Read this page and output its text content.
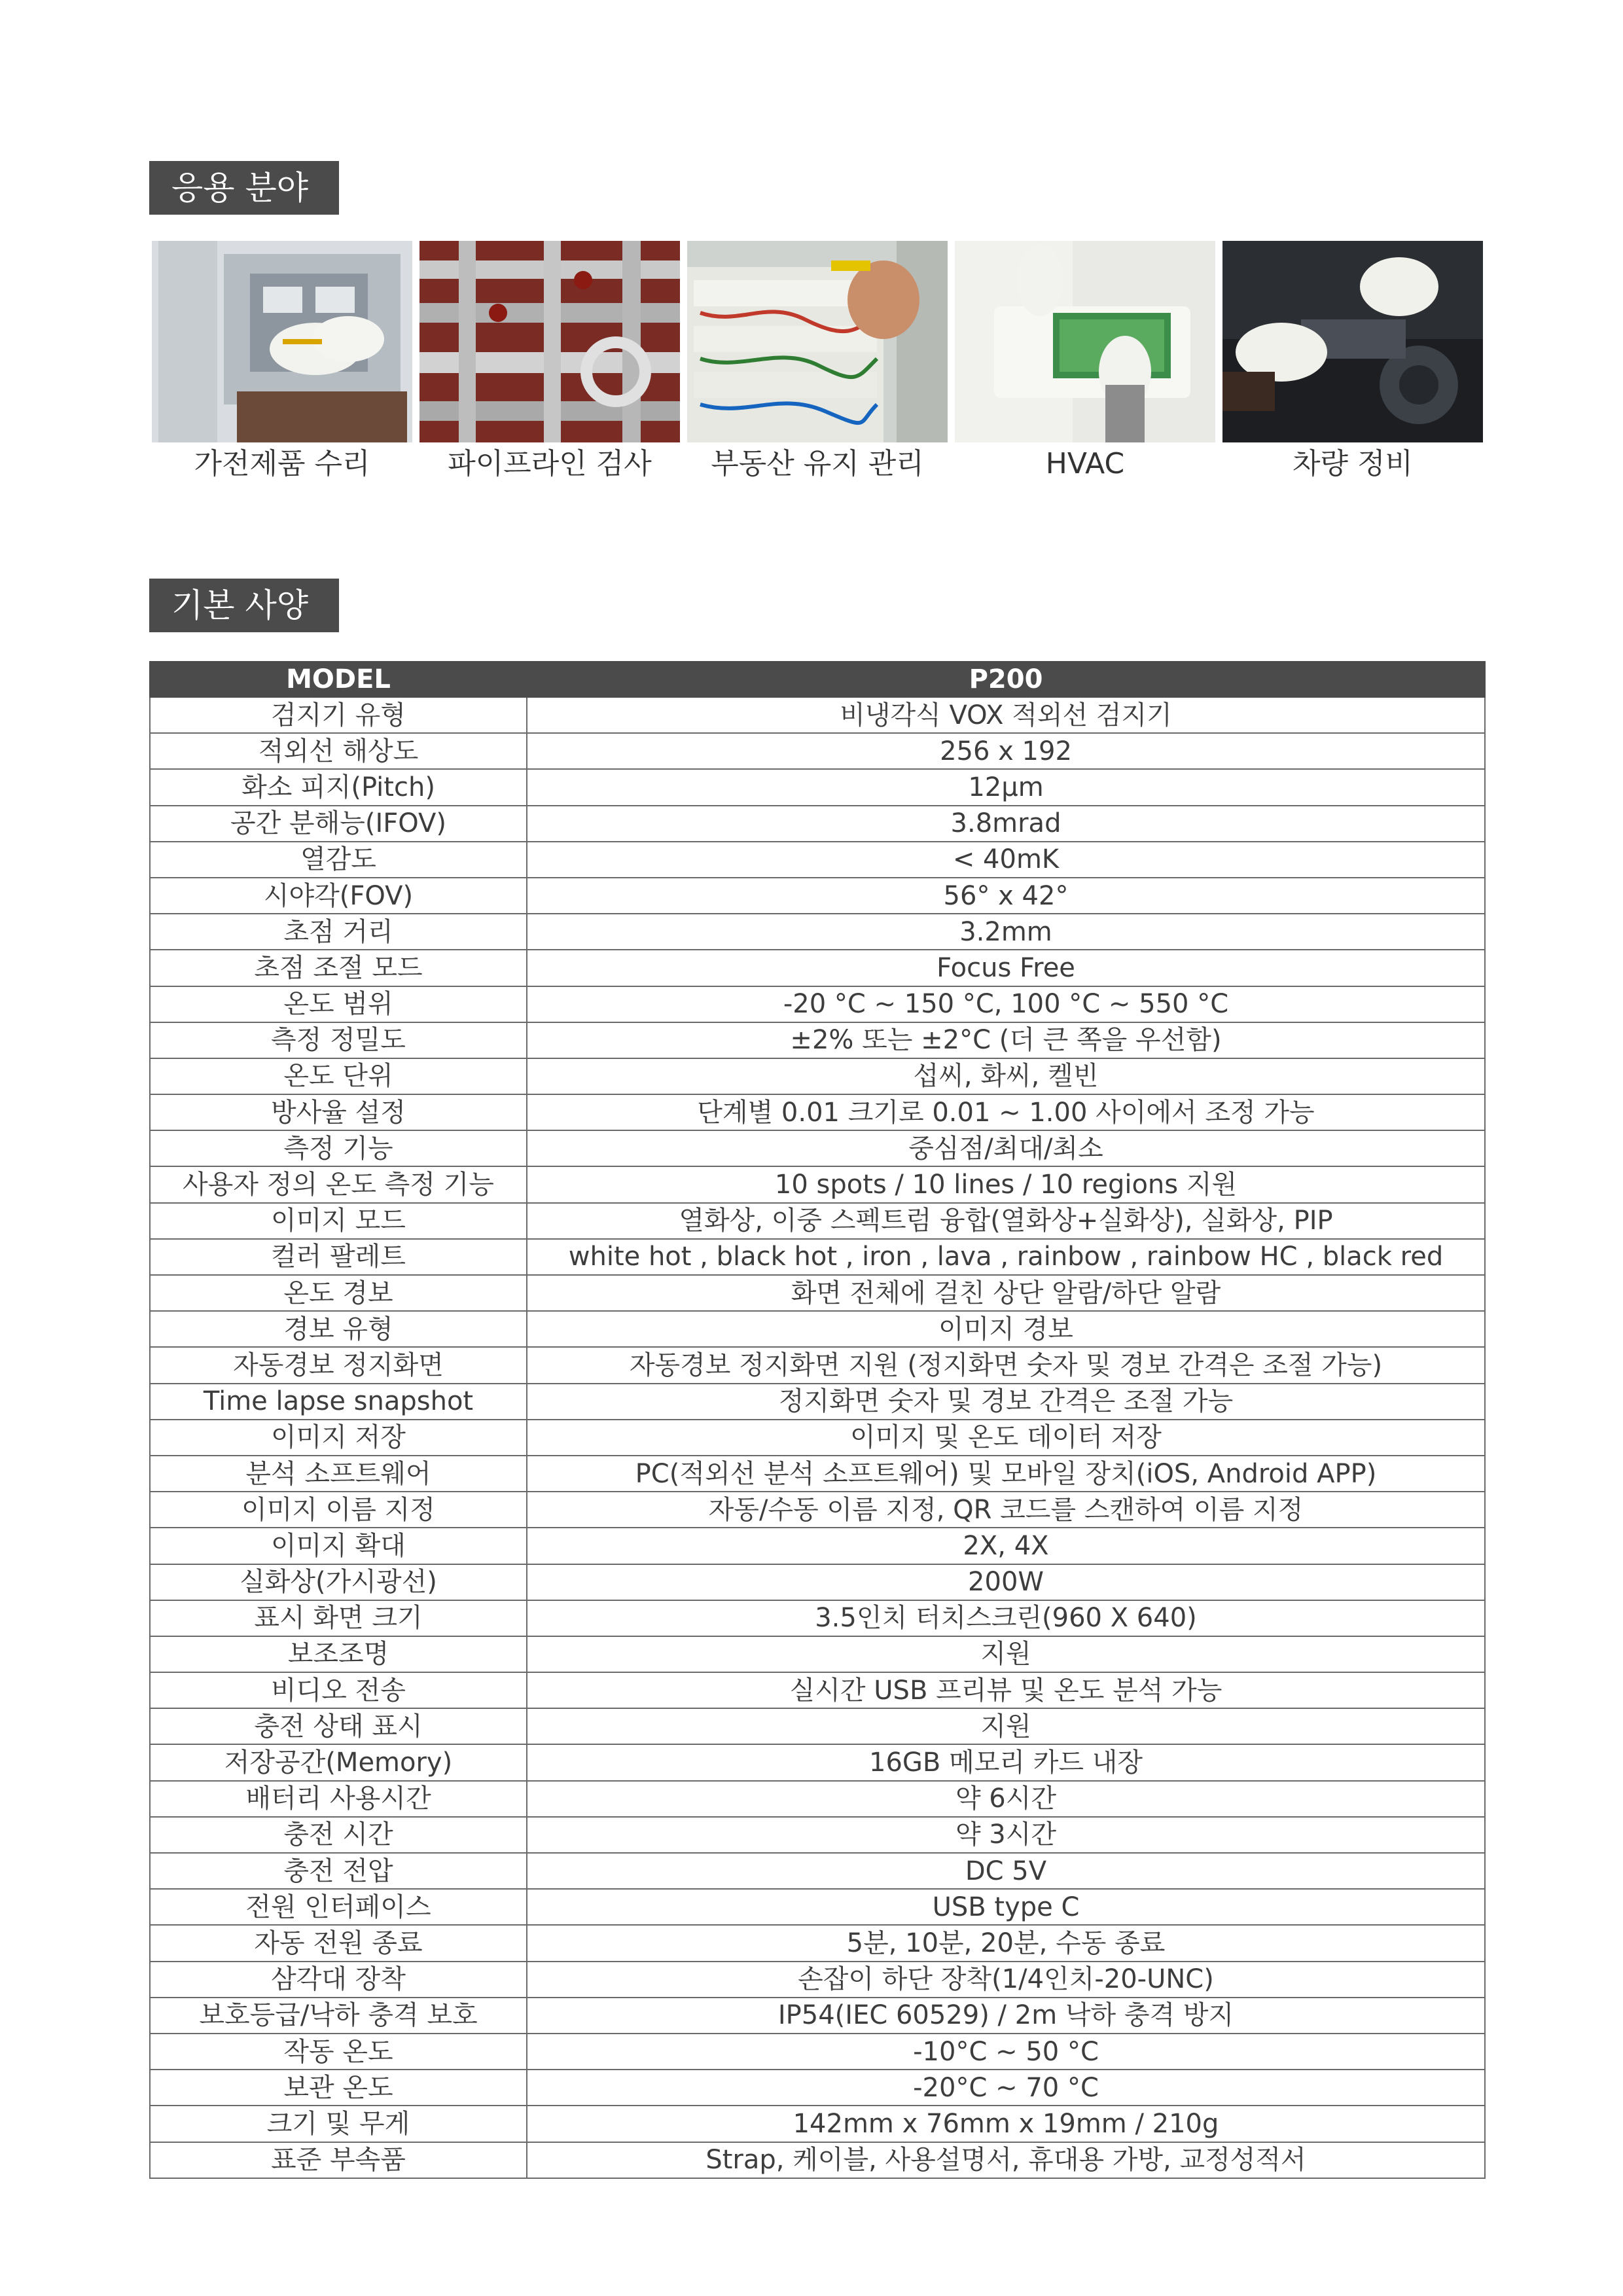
응용 분야
가전제품 수리	파이프라인 검사	부동산 유지 관리	HVAC	차량 정비
기본 사양
MODEL	P200
검지기 유형	비냉각식 VOX 적외선 검지기
적외선 해상도	256 x 192
화소 피지(Pitch)	12μm
공간 분해능(IFOV)	3.8mrad
열감도	< 40mK
시야각(FOV)	56° x 42°
초점 거리	3.2mm
초점 조절 모드	Focus Free
온도 범위	-20 °C ~ 150 °C, 100 °C ~ 550 °C
측정 정밀도	±2% 또는 ±2°C (더 큰 쪽을 우선함)
온도 단위	섭씨, 화씨, 켈빈
방사율 설정	단계별 0.01 크기로 0.01 ~ 1.00 사이에서 조정 가능
측정 기능	중심점/최대/최소
사용자 정의 온도 측정 기능	10 spots / 10 lines / 10 regions 지원
이미지 모드	열화상, 이중 스펙트럼 융합(열화상+실화상), 실화상, PIP
컬러 팔레트	white hot , black hot , iron , lava , rainbow , rainbow HC , black red
온도 경보	화면 전체에 걸친 상단 알람/하단 알람
경보 유형	이미지 경보
자동경보 정지화면	자동경보 정지화면 지원 (정지화면 숫자 및 경보 간격은 조절 가능)
Time lapse snapshot	정지화면 숫자 및 경보 간격은 조절 가능
이미지 저장	이미지 및 온도 데이터 저장
분석 소프트웨어	PC(적외선 분석 소프트웨어) 및 모바일 장치(iOS, Android APP)
이미지 이름 지정	자동/수동 이름 지정, QR 코드를 스캔하여 이름 지정
이미지 확대	2X, 4X
실화상(가시광선)	200W
표시 화면 크기	3.5인치 터치스크린(960 X 640)
보조조명	지원
비디오 전송	실시간 USB 프리뷰 및 온도 분석 가능
충전 상태 표시	지원
저장공간(Memory)	16GB 메모리 카드 내장
배터리 사용시간	약 6시간
충전 시간	약 3시간
충전 전압	DC 5V
전원 인터페이스	USB type C
자동 전원 종료	5분, 10분, 20분, 수동 종료
삼각대 장착	손잡이 하단 장착(1/4인치-20-UNC)
보호등급/낙하 충격 보호	IP54(IEC 60529) / 2m 낙하 충격 방지
작동 온도	-10°C ~ 50 °C
보관 온도	-20°C ~ 70 °C
크기 및 무게	142mm x 76mm x 19mm / 210g
표준 부속품	Strap, 케이블, 사용설명서, 휴대용 가방, 교정성적서
